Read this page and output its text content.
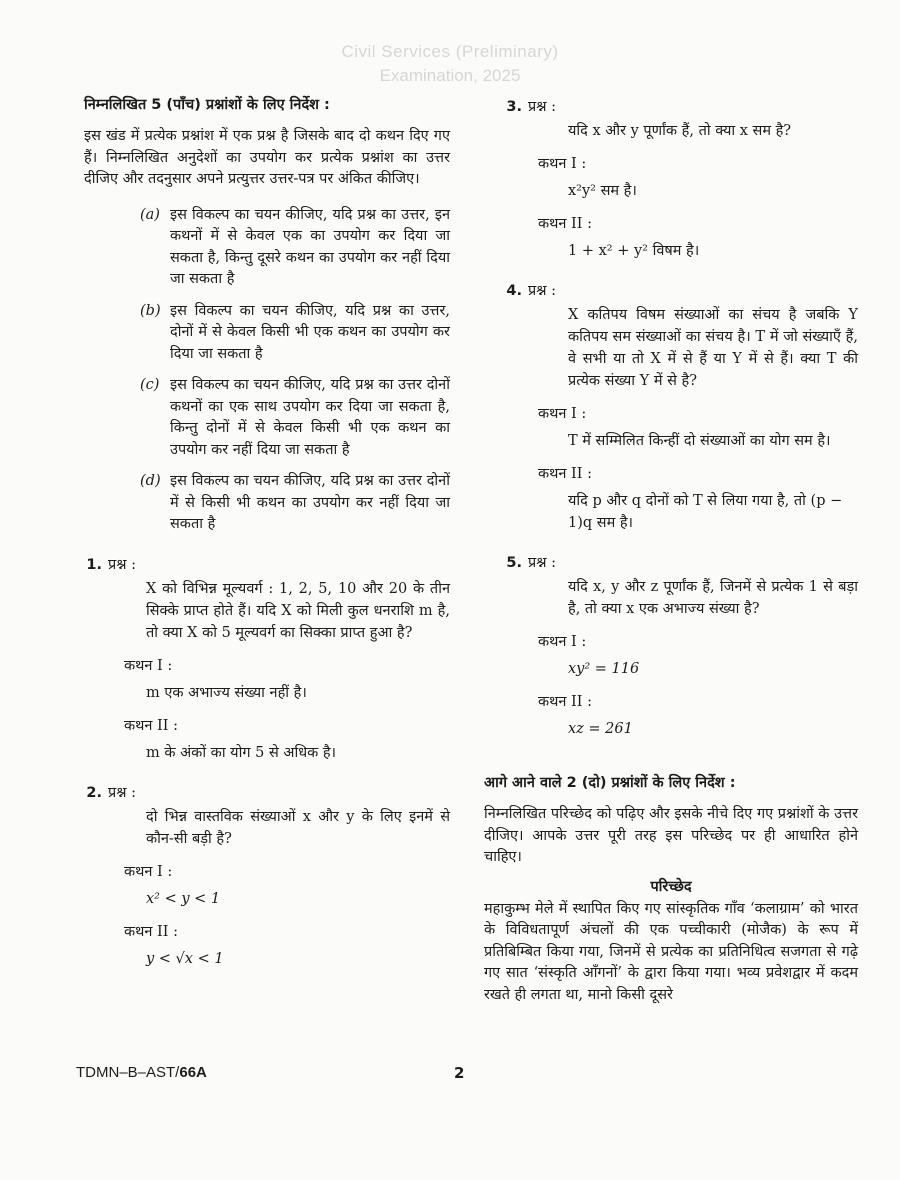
Civil Services (Preliminary)
Examination, 2025
निम्नलिखित 5 (पाँच) प्रश्नांशों के लिए निर्देश :
इस खंड में प्रत्येक प्रश्नांश में एक प्रश्न है जिसके बाद दो कथन दिए गए हैं। निम्नलिखित अनुदेशों का उपयोग कर प्रत्येक प्रश्नांश का उत्तर दीजिए और तदनुसार अपने प्रत्युत्तर उत्तर-पत्र पर अंकित कीजिए।
(a) इस विकल्प का चयन कीजिए, यदि प्रश्न का उत्तर, इन कथनों में से केवल एक का उपयोग कर दिया जा सकता है, किन्तु दूसरे कथन का उपयोग कर नहीं दिया जा सकता है
(b) इस विकल्प का चयन कीजिए, यदि प्रश्न का उत्तर, दोनों में से केवल किसी भी एक कथन का उपयोग कर दिया जा सकता है
(c) इस विकल्प का चयन कीजिए, यदि प्रश्न का उत्तर दोनों कथनों का एक साथ उपयोग कर दिया जा सकता है, किन्तु दोनों में से केवल किसी भी एक कथन का उपयोग कर नहीं दिया जा सकता है
(d) इस विकल्प का चयन कीजिए, यदि प्रश्न का उत्तर दोनों में से किसी भी कथन का उपयोग कर नहीं दिया जा सकता है
1. प्रश्न :
X को विभिन्न मूल्यवर्ग : 1, 2, 5, 10 और 20 के तीन सिक्के प्राप्त होते हैं। यदि X को मिली कुल धनराशि m है, तो क्या X को 5 मूल्यवर्ग का सिक्का प्राप्त हुआ है?
कथन I :
m एक अभाज्य संख्या नहीं है।
कथन II :
m के अंकों का योग 5 से अधिक है।
2. प्रश्न :
दो भिन्न वास्तविक संख्याओं x और y के लिए इनमें से कौन-सी बड़ी है?
कथन I :
x² < y < 1
कथन II :
y < √x < 1
3. प्रश्न :
यदि x और y पूर्णांक हैं, तो क्या x सम है?
कथन I :
x²y² सम है।
कथन II :
1 + x² + y² विषम है।
4. प्रश्न :
X कतिपय विषम संख्याओं का संचय है जबकि Y कतिपय सम संख्याओं का संचय है। T में जो संख्याएँ हैं, वे सभी या तो X में से हैं या Y में से हैं। क्या T की प्रत्येक संख्या Y में से है?
कथन I :
T में सम्मिलित किन्हीं दो संख्याओं का योग सम है।
कथन II :
यदि p और q दोनों को T से लिया गया है, तो (p − 1)q सम है।
5. प्रश्न :
यदि x, y और z पूर्णांक हैं, जिनमें से प्रत्येक 1 से बड़ा है, तो क्या x एक अभाज्य संख्या है?
कथन I :
xy² = 116
कथन II :
xz = 261
आगे आने वाले 2 (दो) प्रश्नांशों के लिए निर्देश :
निम्नलिखित परिच्छेद को पढ़िए और इसके नीचे दिए गए प्रश्नांशों के उत्तर दीजिए। आपके उत्तर पूरी तरह इस परिच्छेद पर ही आधारित होने चाहिए।
परिच्छेद
महाकुम्भ मेले में स्थापित किए गए सांस्कृतिक गाँव ‘कलाग्राम’ को भारत के विविधतापूर्ण अंचलों की एक पच्चीकारी (मोजैक) के रूप में प्रतिबिम्बित किया गया, जिनमें से प्रत्येक का प्रतिनिधित्व सजगता से गढ़े गए सात ‘संस्कृति आँगनों’ के द्वारा किया गया। भव्य प्रवेशद्वार में कदम रखते ही लगता था, मानो किसी दूसरे
TDMN–B–AST/66A	2
